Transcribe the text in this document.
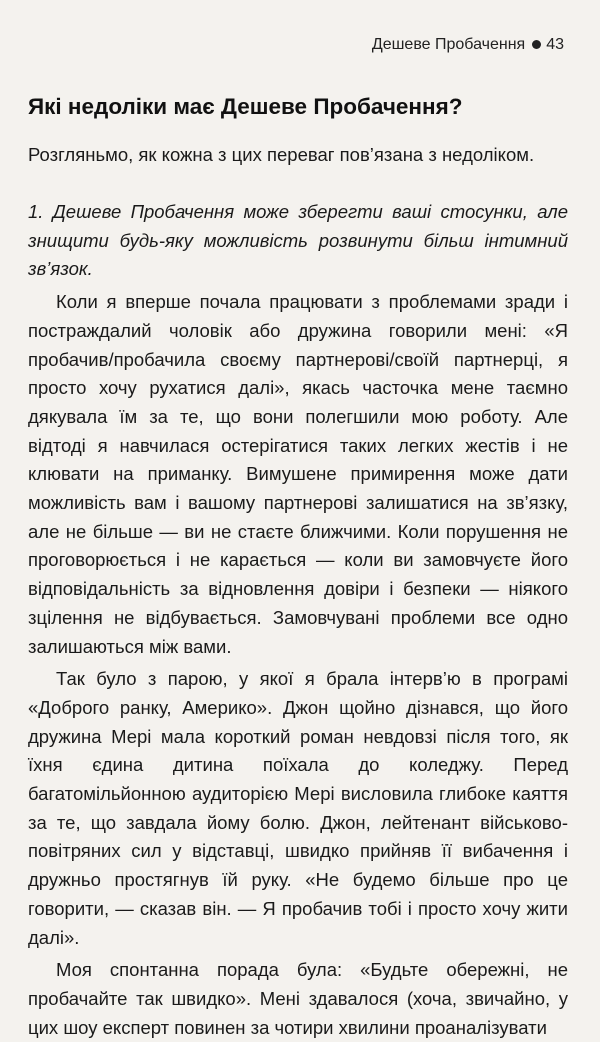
Дешеве Пробачення 43
Які недоліки має Дешеве Пробачення?

Розгляньмо, як кожна з цих переваг пов’язана з недоліком.

1. Дешеве Пробачення може зберегти ваші стосунки, але знищити будь-яку можливість розвинути більш інтимний зв’язок.

Коли я вперше почала працювати з проблемами зради і постраждалий чоловік або дружина говорили мені: «Я пробачив/пробачила своєму партнерові/своїй партнерці, я просто хочу рухатися далі», якась часточка мене таємно дякувала їм за те, що вони полегшили мою роботу. Але відтоді я навчилася остерігатися таких легких жестів і не клювати на приманку. Вимушене примирення може дати можливість вам і вашому партнерові залишатися на зв’язку, але не більше — ви не стаєте ближчими. Коли порушення не проговорюється і не карається — коли ви замовчуєте його відповідальність за відновлення довіри і безпеки — ніякого зцілення не відбувається. Замовчувані проблеми все одно залишаються між вами.

Так було з парою, у якої я брала інтерв’ю в програмі «Доброго ранку, Америко». Джон щойно дізнався, що його дружина Мері мала короткий роман невдовзі після того, як їхня єдина дитина поїхала до коледжу. Перед багатомільйонною аудиторією Мері висловила глибоке каяття за те, що завдала йому болю. Джон, лейтенант військово-повітряних сил у відставці, швидко прийняв її вибачення і дружньо простягнув їй руку. «Не будемо більше про це говорити, — сказав він. — Я пробачив тобі і просто хочу жити далі».

Моя спонтанна порада була: «Будьте обережні, не пробачайте так швидко». Мені здавалося (хоча, звичайно, у цих шоу експерт повинен за чотири хвилини проаналізувати
